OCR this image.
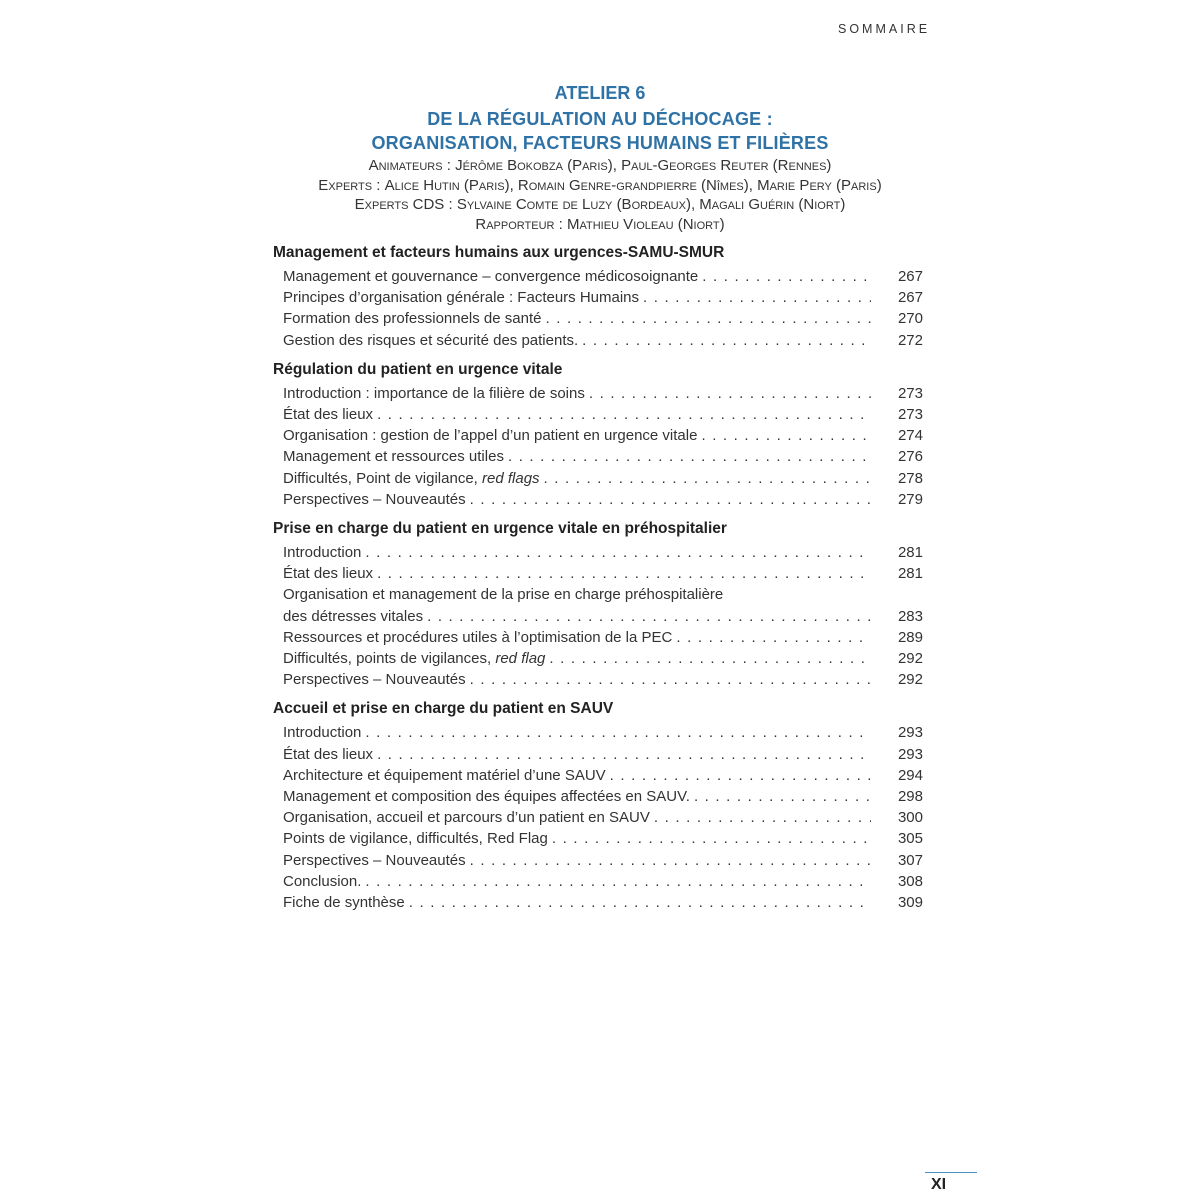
SOMMAIRE
ATELIER 6
DE LA RÉGULATION AU DÉCHOCAGE :
ORGANISATION, FACTEURS HUMAINS ET FILIÈRES
Animateurs : Jérôme Bokobza (Paris), Paul-Georges Reuter (Rennes)
Experts : Alice Hutin (Paris), Romain Genre-grandpierre (Nîmes), Marie Pery (Paris)
Experts CDS : Sylvaine Comte de Luzy (Bordeaux), Magali Guérin (Niort)
Rapporteur : Mathieu Violeau (Niort)
Management et facteurs humains aux urgences-SAMU-SMUR
Management et gouvernance – convergence médicosoignante . . .	267
Principes d’organisation générale : Facteurs Humains . . .	267
Formation des professionnels de santé . . .	270
Gestion des risques et sécurité des patients. . . .	272
Régulation du patient en urgence vitale
Introduction : importance de la filière de soins . . .	273
État des lieux . . .	273
Organisation : gestion de l’appel d’un patient en urgence vitale . . .	274
Management et ressources utiles . . .	276
Difficultés, Point de vigilance, red flags . . .	278
Perspectives – Nouveautés . . .	279
Prise en charge du patient en urgence vitale en préhospitalier
Introduction . . .	281
État des lieux . . .	281
Organisation et management de la prise en charge préhospitalière
des détresses vitales . . .	283
Ressources et procédures utiles à l’optimisation de la PEC . . .	289
Difficultés, points de vigilances, red flag . . .	292
Perspectives – Nouveautés . . .	292
Accueil et prise en charge du patient en SAUV
Introduction . . .	293
État des lieux . . .	293
Architecture et équipement matériel d’une SAUV . . .	294
Management et composition des équipes affectées en SAUV. . . .	298
Organisation, accueil et parcours d’un patient en SAUV . . .	300
Points de vigilance, difficultés, Red Flag . . .	305
Perspectives – Nouveautés . . .	307
Conclusion. . . .	308
Fiche de synthèse . . .	309
XI
